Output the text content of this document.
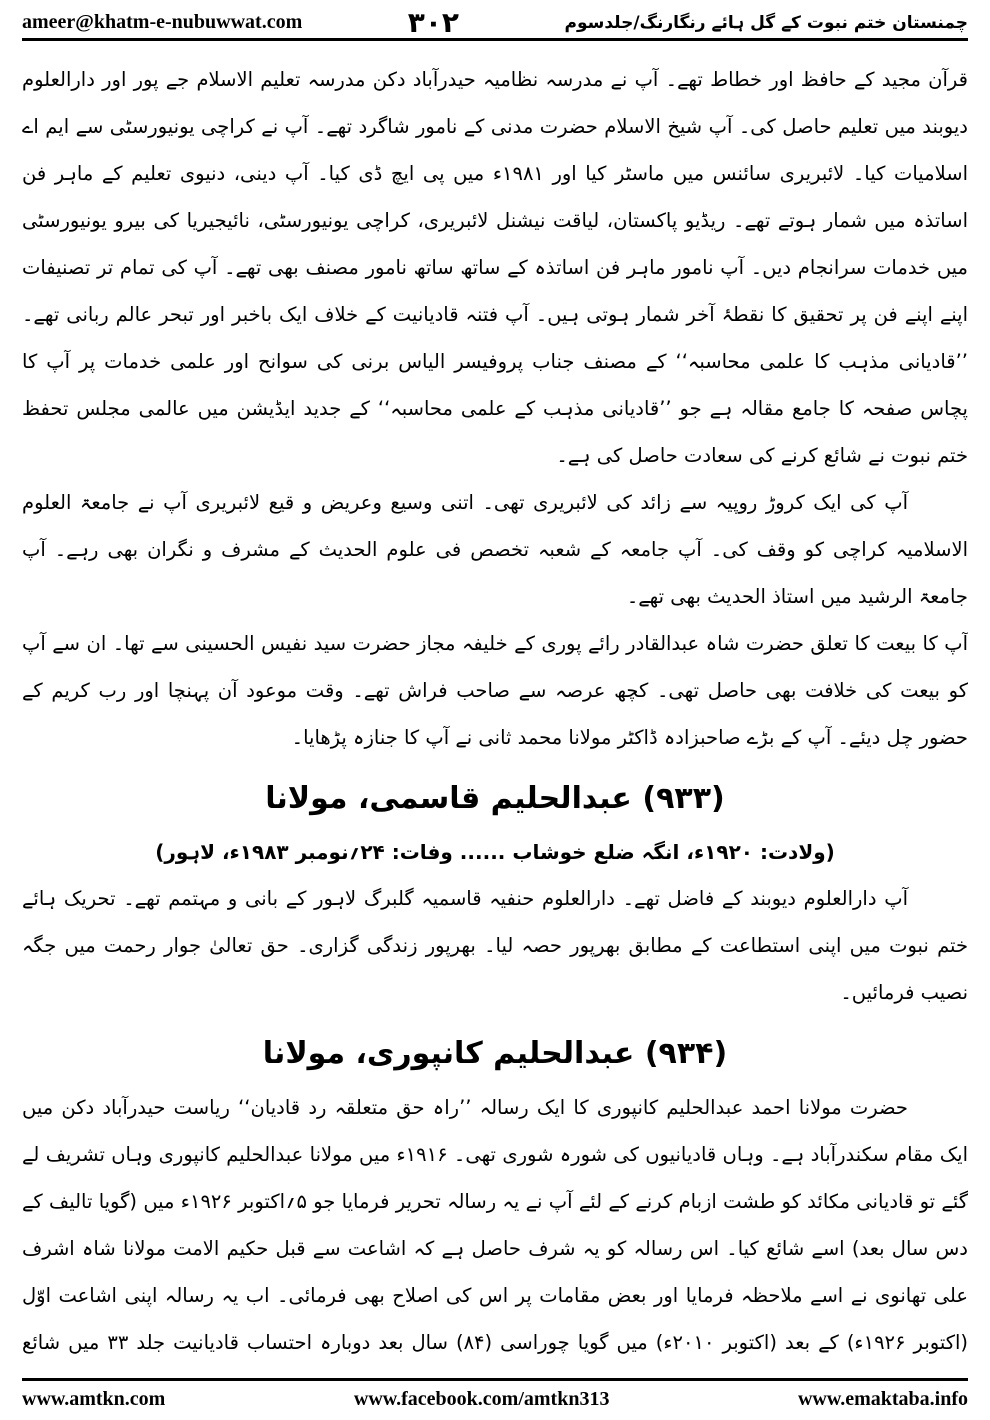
ameer@khatm-e-nubuwwat.com	۳۰۲	چمنستان ختم نبوت کے گل ہائے رنگارنگ/جلدسوم

قرآن مجید کے حافظ اور خطاط تھے۔ آپ نے مدرسہ نظامیہ حیدرآباد دکن مدرسہ تعلیم الاسلام جے پور اور دارالعلوم دیوبند میں تعلیم حاصل کی۔ آپ شیخ الاسلام حضرت مدنی کے نامور شاگرد تھے۔ آپ نے کراچی یونیورسٹی سے ایم اے اسلامیات کیا۔ لائبریری سائنس میں ماسٹر کیا اور ۱۹۸۱ء میں پی ایچ ڈی کیا۔ آپ دینی، دنیوی تعلیم کے ماہر فن اساتذہ میں شمار ہوتے تھے۔ ریڈیو پاکستان، لیاقت نیشنل لائبریری، کراچی یونیورسٹی، نائیجیریا کی بیرو یونیورسٹی میں خدمات سرانجام دیں۔ آپ نامور ماہر فن اساتذہ کے ساتھ ساتھ نامور مصنف بھی تھے۔ آپ کی تمام تر تصنیفات اپنے اپنے فن پر تحقیق کا نقطۂ آخر شمار ہوتی ہیں۔ آپ فتنہ قادیانیت کے خلاف ایک باخبر اور تبحر عالم ربانی تھے۔ ’’قادیانی مذہب کا علمی محاسبہ‘‘ کے مصنف جناب پروفیسر الیاس برنی کی سوانح اور علمی خدمات پر آپ کا پچاس صفحہ کا جامع مقالہ ہے جو ’’قادیانی مذہب کے علمی محاسبہ‘‘ کے جدید ایڈیشن میں عالمی مجلس تحفظ ختم نبوت نے شائع کرنے کی سعادت حاصل کی ہے۔

آپ کی ایک کروڑ روپیہ سے زائد کی لائبریری تھی۔ اتنی وسیع وعریض و قیع لائبریری آپ نے جامعۃ العلوم الاسلامیہ کراچی کو وقف کی۔ آپ جامعہ کے شعبہ تخصص فی علوم الحدیث کے مشرف و نگران بھی رہے۔ آپ جامعۃ الرشید میں استاذ الحدیث بھی تھے۔

آپ کا بیعت کا تعلق حضرت شاہ عبدالقادر رائے پوری کے خلیفہ مجاز حضرت سید نفیس الحسینی سے تھا۔ ان سے آپ کو بیعت کی خلافت بھی حاصل تھی۔ کچھ عرصہ سے صاحب فراش تھے۔ وقت موعود آن پہنچا اور رب کریم کے حضور چل دیئے۔ آپ کے بڑے صاحبزادہ ڈاکٹر مولانا محمد ثانی نے آپ کا جنازہ پڑھایا۔

(۹۳۳) عبدالحلیم قاسمی، مولانا
(ولادت: ۱۹۲۰ء، انگہ ضلع خوشاب ...... وفات: ۲۴؍نومبر ۱۹۸۳ء، لاہور)

آپ دارالعلوم دیوبند کے فاضل تھے۔ دارالعلوم حنفیہ قاسمیہ گلبرگ لاہور کے بانی و مہتمم تھے۔ تحریک ہائے ختم نبوت میں اپنی استطاعت کے مطابق بھرپور حصہ لیا۔ بھرپور زندگی گزاری۔ حق تعالیٰ جوار رحمت میں جگہ نصیب فرمائیں۔

(۹۳۴) عبدالحلیم کانپوری، مولانا

حضرت مولانا احمد عبدالحلیم کانپوری کا ایک رسالہ ’’راہ حق متعلقہ رد قادیان‘‘ ریاست حیدرآباد دکن میں ایک مقام سکندرآباد ہے۔ وہاں قادیانیوں کی شورہ شوری تھی۔ ۱۹۱۶ء میں مولانا عبدالحلیم کانپوری وہاں تشریف لے گئے تو قادیانی مکائد کو طشت ازبام کرنے کے لئے آپ نے یہ رسالہ تحریر فرمایا جو ۵؍اکتوبر ۱۹۲۶ء میں (گویا تالیف کے دس سال بعد) اسے شائع کیا۔ اس رسالہ کو یہ شرف حاصل ہے کہ اشاعت سے قبل حکیم الامت مولانا شاہ اشرف علی تھانوی نے اسے ملاحظہ فرمایا اور بعض مقامات پر اس کی اصلاح بھی فرمائی۔ اب یہ رسالہ اپنی اشاعت اوّل (اکتوبر ۱۹۲۶ء) کے بعد (اکتوبر ۲۰۱۰ء) میں گویا چوراسی (۸۴) سال بعد دوبارہ احتساب قادیانیت جلد ۳۳ میں شائع

www.amtkn.com	www.facebook.com/amtkn313	www.emaktaba.info
